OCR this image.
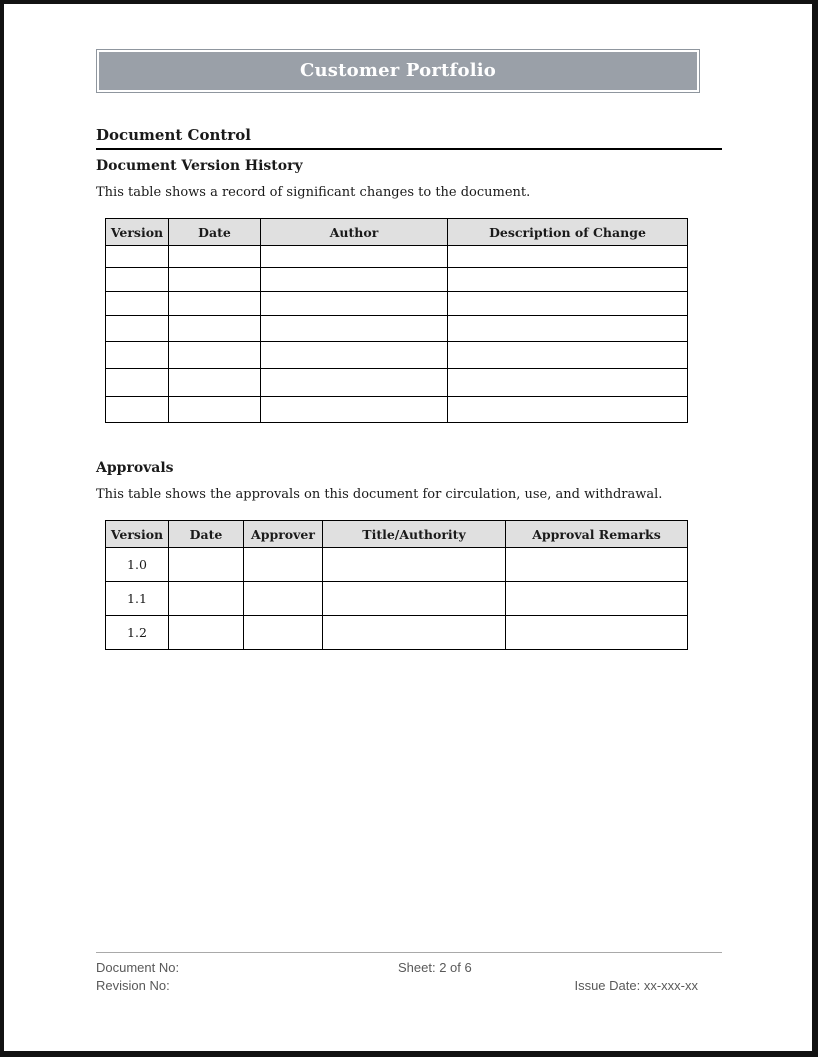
Customer Portfolio
Document Control
Document Version History

This table shows a record of significant changes to the document.

Version	Date	Author	Description of Change

Approvals

This table shows the approvals on this document for circulation, use, and withdrawal.

Version	Date	Approver	Title/Authority	Approval Remarks
1.0				
1.1				
1.2				
Document No:	Sheet: 2 of 6
Revision No:	Issue Date: xx-xxx-xx
